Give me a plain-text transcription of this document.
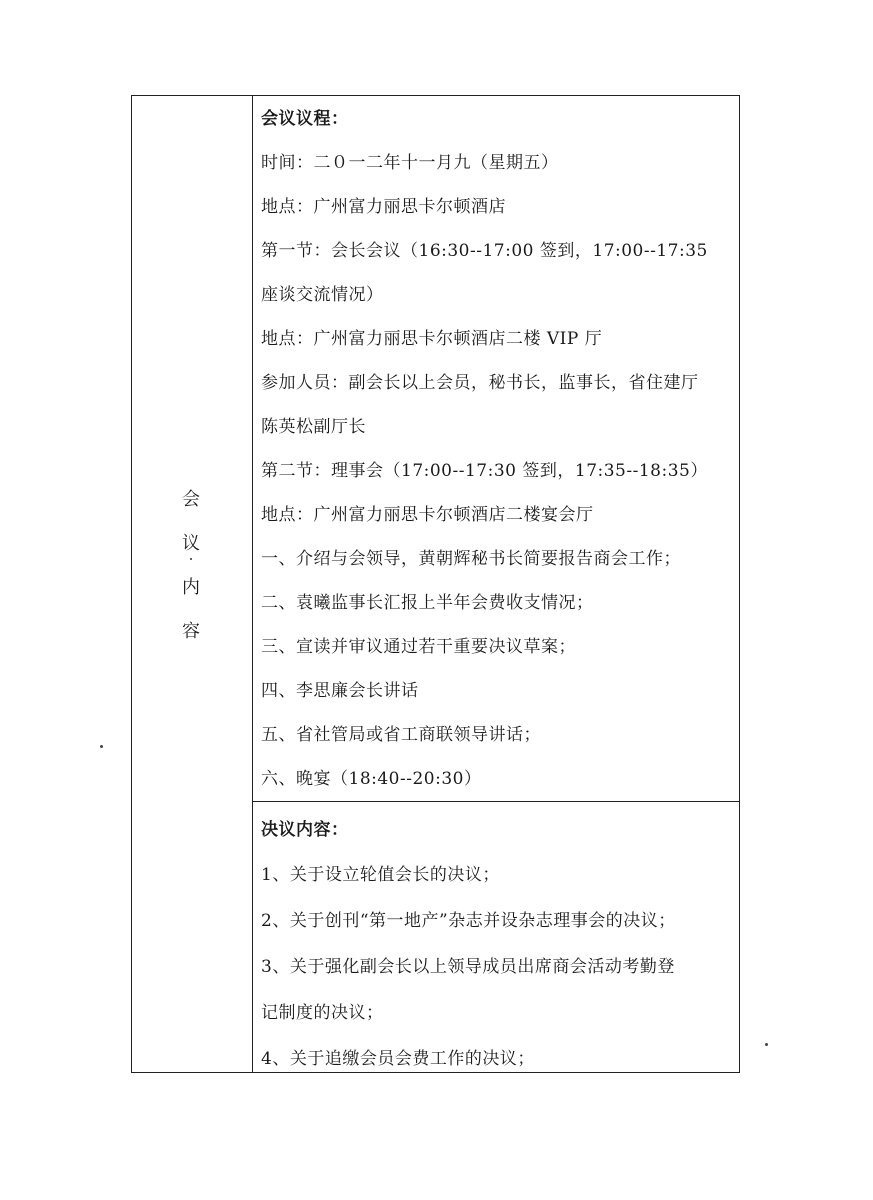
会
议
内
容
会议议程：
时间：二０一二年十一月九（星期五）
地点：广州富力丽思卡尔顿酒店
第一节：会长会议（16:30--17:00 签到，17:00--17:35
座谈交流情况）
地点：广州富力丽思卡尔顿酒店二楼 VIP 厅
参加人员：副会长以上会员，秘书长，监事长，省住建厅
陈英松副厅长
第二节：理事会（17:00--17:30 签到，17:35--18:35）
地点：广州富力丽思卡尔顿酒店二楼宴会厅
一、介绍与会领导，黄朝辉秘书长简要报告商会工作；
二、袁曦监事长汇报上半年会费收支情况；
三、宣读并审议通过若干重要决议草案；
四、李思廉会长讲话
五、省社管局或省工商联领导讲话；
六、晚宴（18:40--20:30）
决议内容：
1、关于设立轮值会长的决议；
2、关于创刊“第一地产”杂志并设杂志理事会的决议；
3、关于强化副会长以上领导成员出席商会活动考勤登
记制度的决议；
4、关于追缴会员会费工作的决议；
